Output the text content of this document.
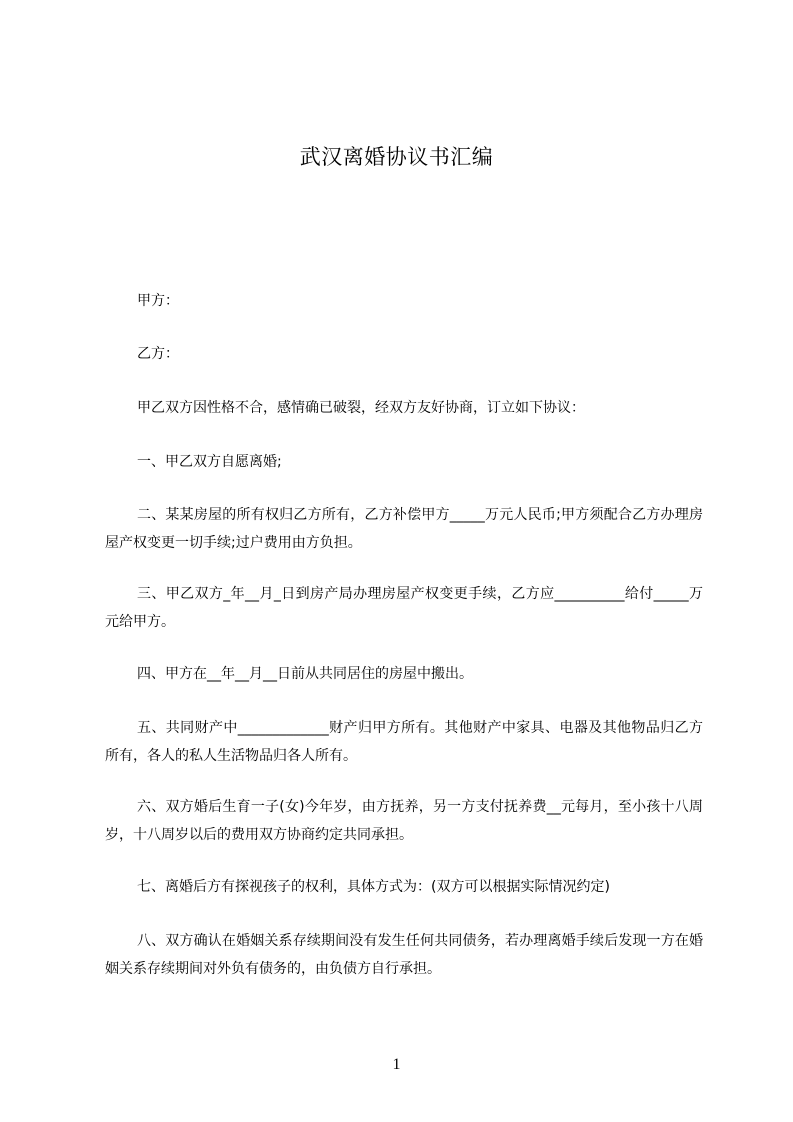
武汉离婚协议书汇编

甲方：

乙方：

甲乙双方因性格不合，感情确已破裂，经双方友好协商，订立如下协议：

一、甲乙双方自愿离婚;

二、某某房屋的所有权归乙方所有，乙方补偿甲方_____万元人民币;甲方须配合乙方办理房屋产权变更一切手续;过户费用由方负担。

三、甲乙双方_年__月_日到房产局办理房屋产权变更手续，乙方应__________给付_____万元给甲方。

四、甲方在__年__月__日前从共同居住的房屋中搬出。

五、共同财产中_____________财产归甲方所有。其他财产中家具、电器及其他物品归乙方所有，各人的私人生活物品归各人所有。

六、双方婚后生育一子(女)今年岁，由方抚养，另一方支付抚养费__元每月，至小孩十八周岁，十八周岁以后的费用双方协商约定共同承担。

七、离婚后方有探视孩子的权利，具体方式为：(双方可以根据实际情况约定)

八、双方确认在婚姻关系存续期间没有发生任何共同债务，若办理离婚手续后发现一方在婚姻关系存续期间对外负有债务的，由负债方自行承担。

1
